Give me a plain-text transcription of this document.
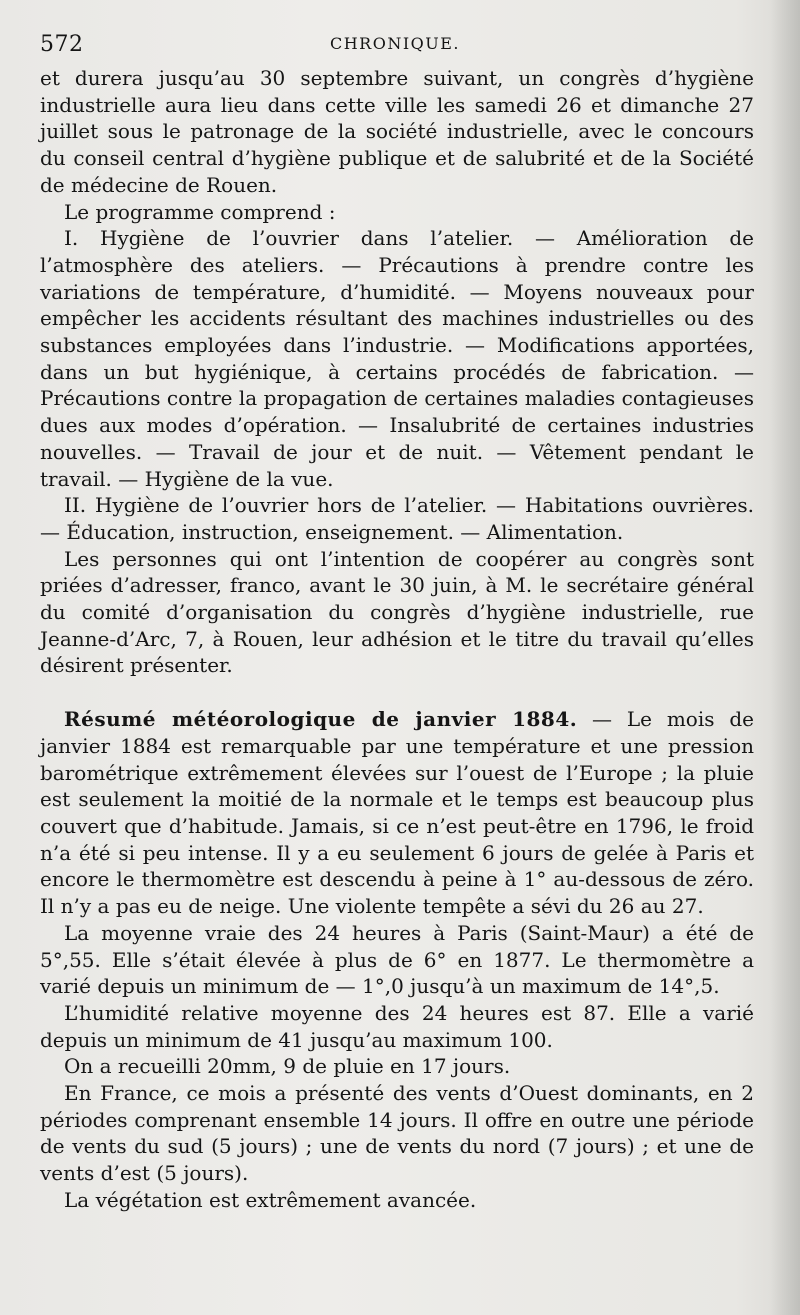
572	CHRONIQUE.

et durera jusqu’au 30 septembre suivant, un congrès d’hygiène industrielle aura lieu dans cette ville les samedi 26 et dimanche 27 juillet sous le patronage de la société industrielle, avec le concours du conseil central d’hygiène publique et de salubrité et de la Société de médecine de Rouen.

Le programme comprend :

I. Hygiène de l’ouvrier dans l’atelier. — Amélioration de l’atmosphère des ateliers. — Précautions à prendre contre les variations de température, d’humidité. — Moyens nouveaux pour empêcher les accidents résultant des machines industrielles ou des substances employées dans l’industrie. — Modifications apportées, dans un but hygiénique, à certains procédés de fabrication. — Précautions contre la propagation de certaines maladies contagieuses dues aux modes d’opération. — Insalubrité de certaines industries nouvelles. — Travail de jour et de nuit. — Vêtement pendant le travail. — Hygiène de la vue.

II. Hygiène de l’ouvrier hors de l’atelier. — Habitations ouvrières. — Éducation, instruction, enseignement. — Alimentation.

Les personnes qui ont l’intention de coopérer au congrès sont priées d’adresser, franco, avant le 30 juin, à M. le secrétaire général du comité d’organisation du congrès d’hygiène industrielle, rue Jeanne-d’Arc, 7, à Rouen, leur adhésion et le titre du travail qu’elles désirent présenter.

Résumé météorologique de janvier 1884. — Le mois de janvier 1884 est remarquable par une température et une pression barométrique extrêmement élevées sur l’ouest de l’Europe ; la pluie est seulement la moitié de la normale et le temps est beaucoup plus couvert que d’habitude. Jamais, si ce n’est peut-être en 1796, le froid n’a été si peu intense. Il y a eu seulement 6 jours de gelée à Paris et encore le thermomètre est descendu à peine à 1° au-dessous de zéro. Il n’y a pas eu de neige. Une violente tempête a sévi du 26 au 27.

La moyenne vraie des 24 heures à Paris (Saint-Maur) a été de 5°,55. Elle s’était élevée à plus de 6° en 1877. Le thermomètre a varié depuis un minimum de — 1°,0 jusqu’à un maximum de 14°,5.

L’humidité relative moyenne des 24 heures est 87. Elle a varié depuis un minimum de 41 jusqu’au maximum 100.

On a recueilli 20mm, 9 de pluie en 17 jours.

En France, ce mois a présenté des vents d’Ouest dominants, en 2 périodes comprenant ensemble 14 jours. Il offre en outre une période de vents du sud (5 jours) ; une de vents du nord (7 jours) ; et une de vents d’est (5 jours).

La végétation est extrêmement avancée.
